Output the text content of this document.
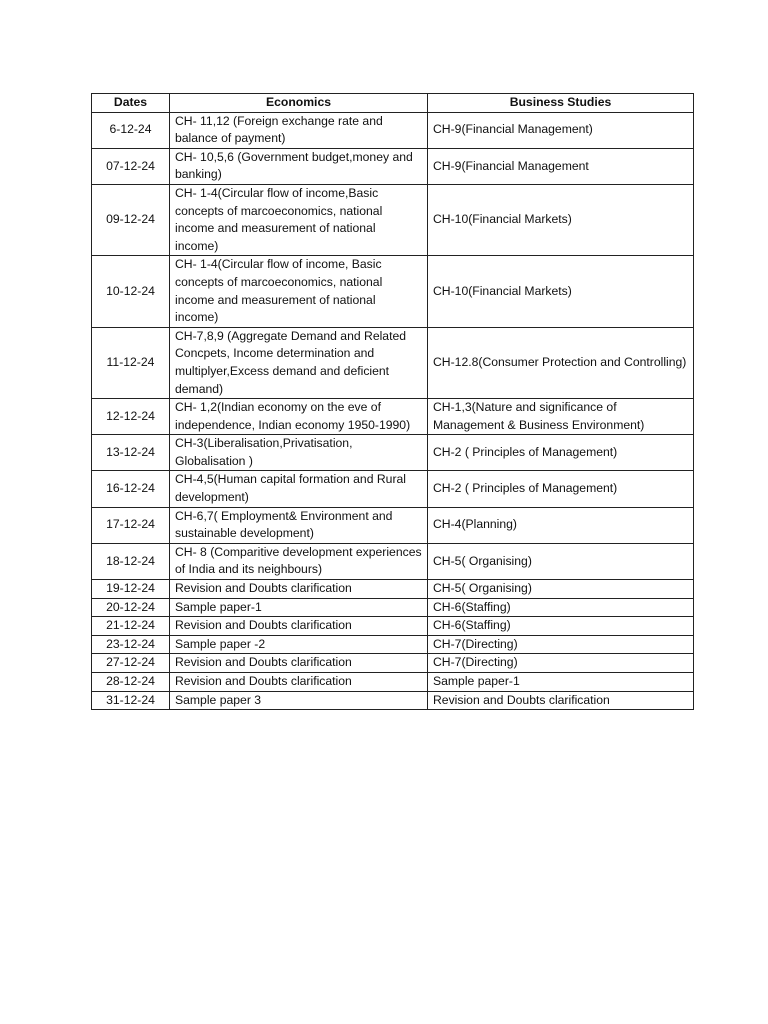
Dates	Economics	Business Studies
6-12-24	CH- 11,12 (Foreign exchange rate and balance of payment)	CH-9(Financial Management)
07-12-24	CH- 10,5,6 (Government budget,money and banking)	CH-9(Financial Management
09-12-24	CH- 1-4(Circular flow of income,Basic concepts of marcoeconomics, national income and measurement of national income)	CH-10(Financial Markets)
10-12-24	CH- 1-4(Circular flow of income, Basic concepts of marcoeconomics, national income and measurement of national income)	CH-10(Financial Markets)
11-12-24	CH-7,8,9 (Aggregate Demand and Related Concpets, Income determination and multiplyer,Excess demand and deficient demand)	CH-12.8(Consumer Protection and Controlling)
12-12-24	CH- 1,2(Indian economy on the eve of independence, Indian economy 1950-1990)	CH-1,3(Nature and significance of Management & Business Environment)
13-12-24	CH-3(Liberalisation,Privatisation, Globalisation )	CH-2 ( Principles of Management)
16-12-24	CH-4,5(Human capital formation and Rural development)	CH-2 ( Principles of Management)
17-12-24	CH-6,7( Employment& Environment and sustainable development)	CH-4(Planning)
18-12-24	CH- 8 (Comparitive development experiences of India and its neighbours)	CH-5( Organising)
19-12-24	Revision and Doubts clarification	CH-5( Organising)
20-12-24	Sample paper-1	CH-6(Staffing)
21-12-24	Revision and Doubts clarification	CH-6(Staffing)
23-12-24	Sample paper -2	CH-7(Directing)
27-12-24	Revision and Doubts clarification	CH-7(Directing)
28-12-24	Revision and Doubts clarification	Sample paper-1
31-12-24	Sample paper 3	Revision and Doubts clarification
